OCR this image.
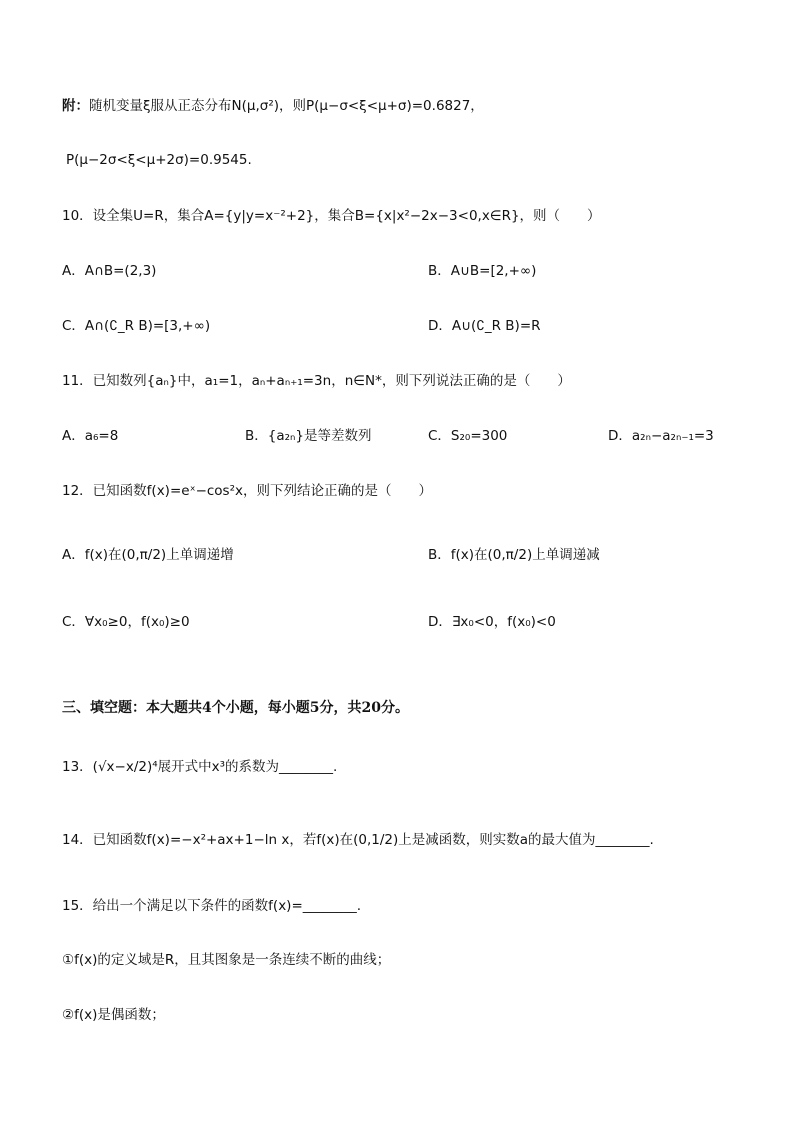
附：随机变量ξ服从正态分布N(μ,σ²)，则P(μ−σ<ξ<μ+σ)=0.6827，
P(μ−2σ<ξ<μ+2σ)=0.9545.
10．设全集U=R，集合A={y|y=x⁻²+2}，集合B={x|x²−2x−3<0,x∈R}，则（　　）
A．A∩B=(2,3)	B．A∪B=[2,+∞)
C．A∩(∁_R B)=[3,+∞)	D．A∪(∁_R B)=R
11．已知数列{aₙ}中，a₁=1，aₙ+aₙ₊₁=3n，n∈N*，则下列说法正确的是（　　）
A．a₆=8	B．{a₂ₙ}是等差数列	C．S₂₀=300	D．a₂ₙ−a₂ₙ₋₁=3
12．已知函数f(x)=eˣ−cos²x，则下列结论正确的是（　　）
A．f(x)在(0,π/2)上单调递增	B．f(x)在(0,π/2)上单调递减
C．∀x₀≥0，f(x₀)≥0	D．∃x₀<0，f(x₀)<0
三、填空题：本大题共4个小题，每小题5分，共20分。
13．(√x−x/2)⁴展开式中x³的系数为________.
14．已知函数f(x)=−x²+ax+1−ln x，若f(x)在(0,1/2)上是减函数，则实数a的最大值为________.
15．给出一个满足以下条件的函数f(x)=________.
①f(x)的定义域是R，且其图象是一条连续不断的曲线；
②f(x)是偶函数；
